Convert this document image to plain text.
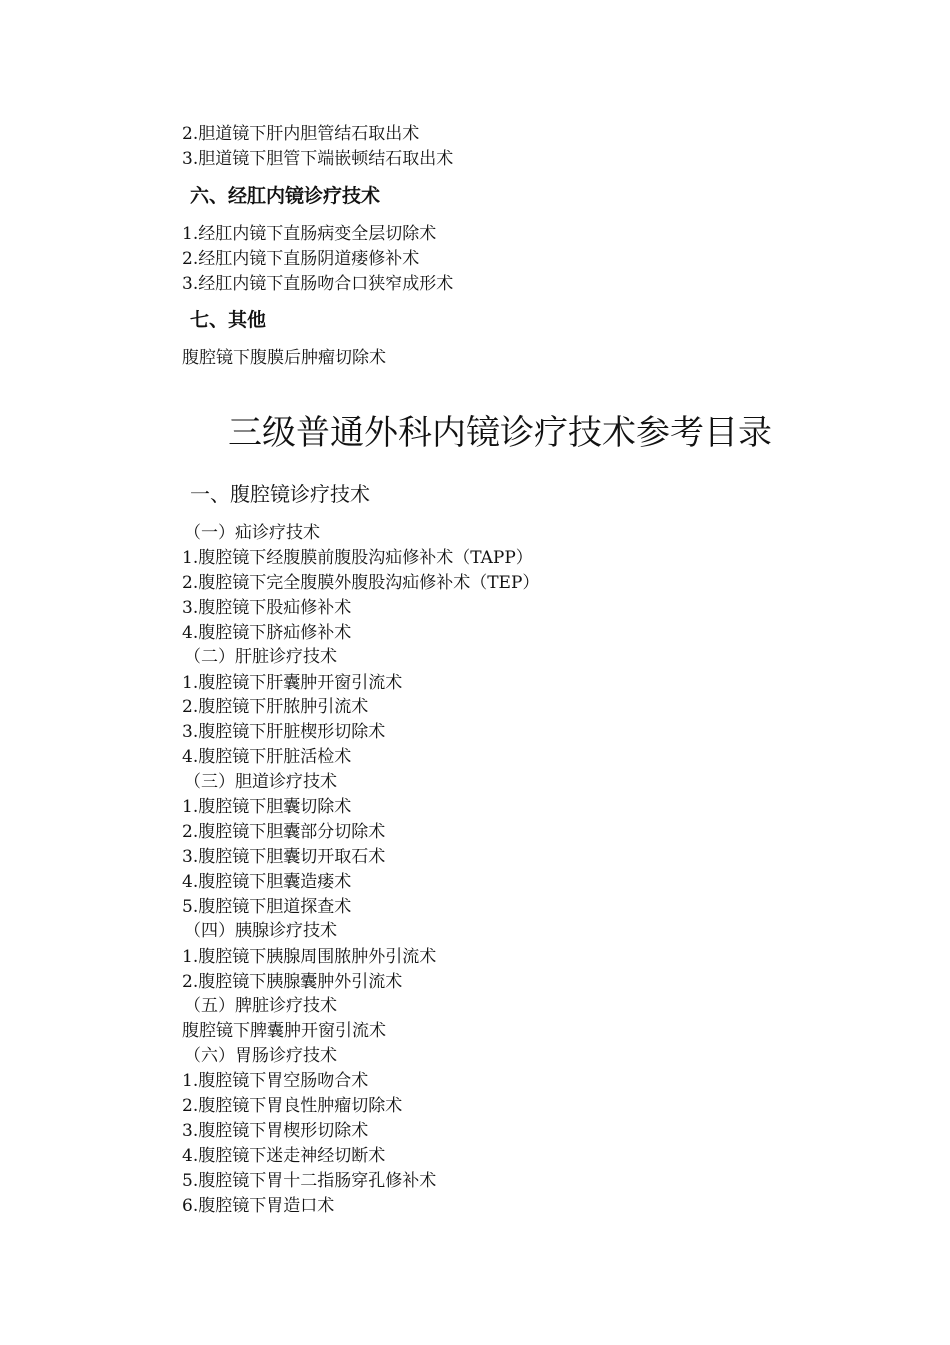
2.胆道镜下肝内胆管结石取出术
3.胆道镜下胆管下端嵌顿结石取出术
六、经肛内镜诊疗技术
1.经肛内镜下直肠病变全层切除术
2.经肛内镜下直肠阴道瘘修补术
3.经肛内镜下直肠吻合口狭窄成形术
七、其他
腹腔镜下腹膜后肿瘤切除术
三级普通外科内镜诊疗技术参考目录
一、腹腔镜诊疗技术
（一）疝诊疗技术
1.腹腔镜下经腹膜前腹股沟疝修补术（TAPP）
2.腹腔镜下完全腹膜外腹股沟疝修补术（TEP）
3.腹腔镜下股疝修补术
4.腹腔镜下脐疝修补术
（二）肝脏诊疗技术
1.腹腔镜下肝囊肿开窗引流术
2.腹腔镜下肝脓肿引流术
3.腹腔镜下肝脏楔形切除术
4.腹腔镜下肝脏活检术
（三）胆道诊疗技术
1.腹腔镜下胆囊切除术
2.腹腔镜下胆囊部分切除术
3.腹腔镜下胆囊切开取石术
4.腹腔镜下胆囊造瘘术
5.腹腔镜下胆道探查术
（四）胰腺诊疗技术
1.腹腔镜下胰腺周围脓肿外引流术
2.腹腔镜下胰腺囊肿外引流术
（五）脾脏诊疗技术
腹腔镜下脾囊肿开窗引流术
（六）胃肠诊疗技术
1.腹腔镜下胃空肠吻合术
2.腹腔镜下胃良性肿瘤切除术
3.腹腔镜下胃楔形切除术
4.腹腔镜下迷走神经切断术
5.腹腔镜下胃十二指肠穿孔修补术
6.腹腔镜下胃造口术
